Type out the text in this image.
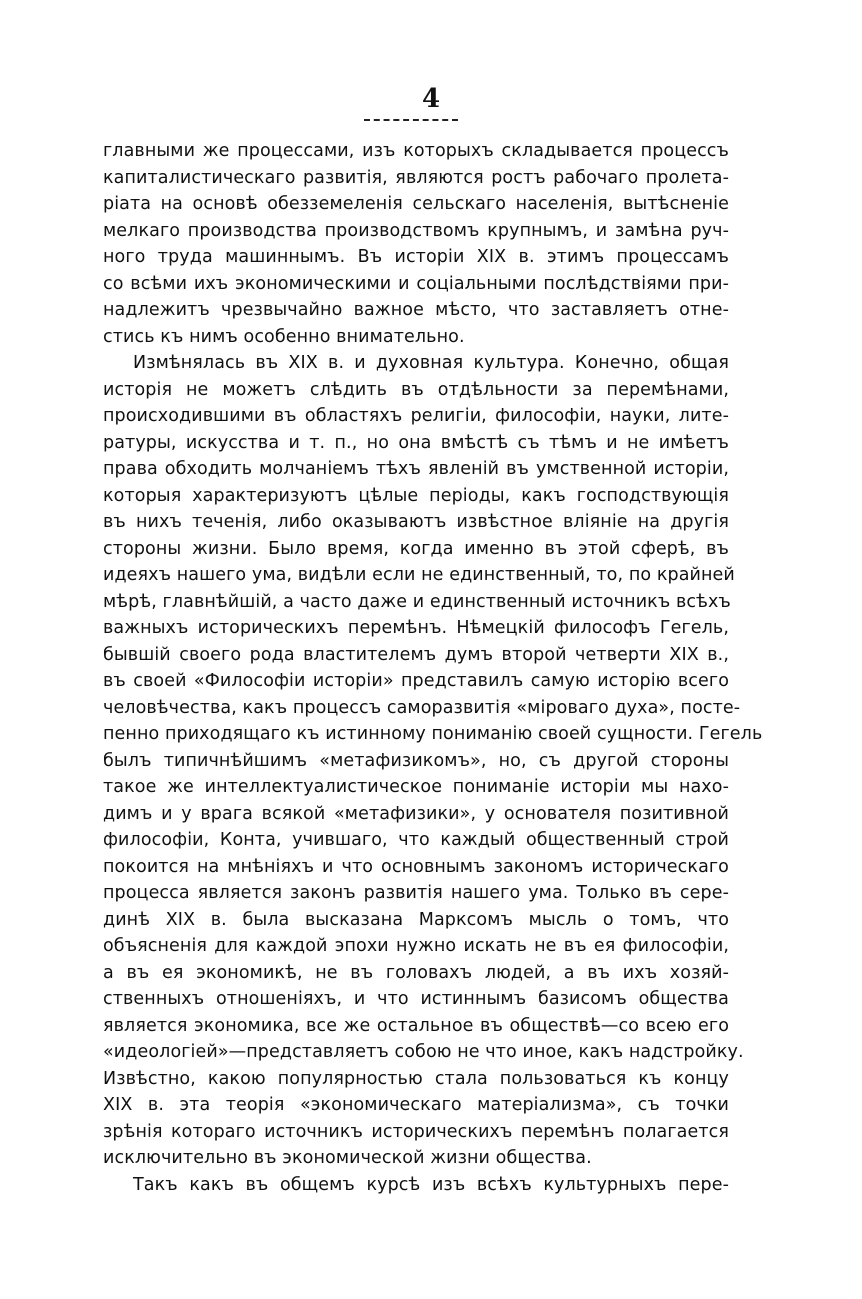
4
главными же процессами, изъ которыхъ складывается процессъ
капиталистическаго развитія, являются ростъ рабочаго пролета-
ріата на основѣ обезземеленія сельскаго населенія, вытѣсненіе
мелкаго производства производствомъ крупнымъ, и замѣна руч-
ного труда машиннымъ. Въ исторіи XIX в. этимъ процессамъ
со всѣми ихъ экономическими и соціальными послѣдствіями при-
надлежитъ чрезвычайно важное мѣсто, что заставляетъ отне-
стись къ нимъ особенно внимательно.
Измѣнялась въ XIX в. и духовная культура. Конечно, общая
исторія не можетъ слѣдить въ отдѣльности за перемѣнами,
происходившими въ областяхъ религіи, философіи, науки, лите-
ратуры, искусства и т. п., но она вмѣстѣ съ тѣмъ и не имѣетъ
права обходить молчаніемъ тѣхъ явленій въ умственной исторіи,
которыя характеризуютъ цѣлые періоды, какъ господствующія
въ нихъ теченія, либо оказываютъ извѣстное вліяніе на другія
стороны жизни. Было время, когда именно въ этой сферѣ, въ
идеяхъ нашего ума, видѣли если не единственный, то, по крайней
мѣрѣ, главнѣйшій, а часто даже и единственный источникъ всѣхъ
важныхъ историческихъ перемѣнъ. Нѣмецкій философъ Гегель,
бывшій своего рода властителемъ думъ второй четверти XIX в.,
въ своей «Философіи исторіи» представилъ самую исторію всего
человѣчества, какъ процессъ саморазвитія «міроваго духа», посте-
пенно приходящаго къ истинному пониманію своей сущности. Гегель
былъ типичнѣйшимъ «метафизикомъ», но, съ другой стороны
такое же интеллектуалистическое пониманіе исторіи мы нахо-
димъ и у врага всякой «метафизики», у основателя позитивной
философіи, Конта, учившаго, что каждый общественный строй
покоится на мнѣніяхъ и что основнымъ закономъ историческаго
процесса является законъ развитія нашего ума. Только въ сере-
динѣ XIX в. была высказана Марксомъ мысль о томъ, что
объясненія для каждой эпохи нужно искать не въ ея философіи,
а въ ея экономикѣ, не въ головахъ людей, а въ ихъ хозяй-
ственныхъ отношеніяхъ, и что истиннымъ базисомъ общества
является экономика, все же остальное въ обществѣ—со всею его
«идеологіей»—представляетъ собою не что иное, какъ надстройку.
Извѣстно, какою популярностью стала пользоваться къ концу
XIX в. эта теорія «экономическаго матеріализма», съ точки
зрѣнія котораго источникъ историческихъ перемѣнъ полагается
исключительно въ экономической жизни общества.
Такъ какъ въ общемъ курсѣ изъ всѣхъ культурныхъ пере-
